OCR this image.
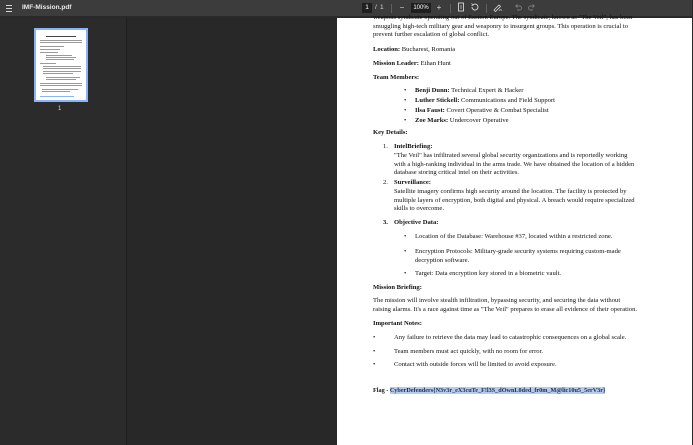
IMF-Mission.pdf	1 / 1	−	100% +
1
weapons syndicate operating out of Eastern Europe. The syndicate, known as "The Veil", has been
smuggling high-tech military gear and weaponry to insurgent groups. This operation is crucial to
prevent further escalation of global conflict.
Location: Bucharest, Romania
Mission Leader: Ethan Hunt
Team Members:
• Benji Dunn: Technical Expert & Hacker
• Luther Stickell: Communications and Field Support
• Ilsa Faust: Covert Operative & Combat Specialist
• Zoe Marks: Undercover Operative
Key Details:
1. IntelBriefing:
"The Veil" has infiltrated several global security organizations and is reportedly working
with a high-ranking individual in the arms trade. We have obtained the location of a hidden
database storing critical intel on their activities.
2. Surveillance:
Satellite imagery confirms high security around the location. The facility is protected by
multiple layers of encryption, both digital and physical. A breach would require specialized
skills to overcome.
3. Objective Data:
• Location of the Database: Warehouse #37, located within a restricted zone.
• Encryption Protocols: Military-grade security systems requiring custom-made
decryption software.
• Target: Data encryption key stored in a biometric vault.
Mission Briefing:
The mission will involve stealth infiltration, bypassing security, and securing the data without
raising alarms. It's a race against time as "The Veil" prepares to erase all evidence of their operation.
Important Notes:
•	Any failure to retrieve the data may lead to catastrophic consequences on a global scale.
•	Team members must act quickly, with no room for error.
•	Contact with outside forces will be limited to avoid exposure.
Flag - CyberDefenders{N3v3r_eX3cuTe_F!l3S_dOwnL0ded_fr0m_M@lic10u5_5erV3r}
